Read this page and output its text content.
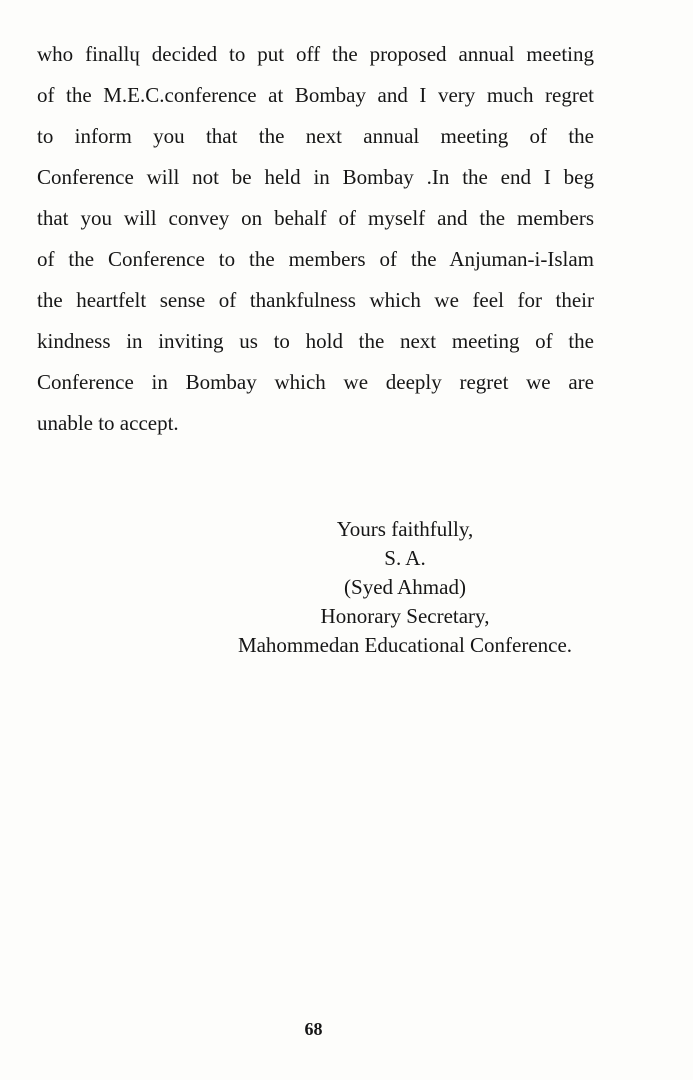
who finallɥ decided to put off the proposed annual meeting
of the M.E.C.conference at Bombay and I very much regret
to inform you that the next annual meeting of the
Conference will not be held in Bombay .In the end I beg
that you will convey on behalf of myself and the members
of the Conference to the members of the Anjuman-i-Islam
the heartfelt sense of thankfulness which we feel for their
kindness in inviting us to hold the next meeting of the
Conference in Bombay which we deeply regret we are
unable to accept.
Yours faithfully,
S. A.
(Syed Ahmad)
Honorary Secretary,
Mahommedan Educational Conference.
68
